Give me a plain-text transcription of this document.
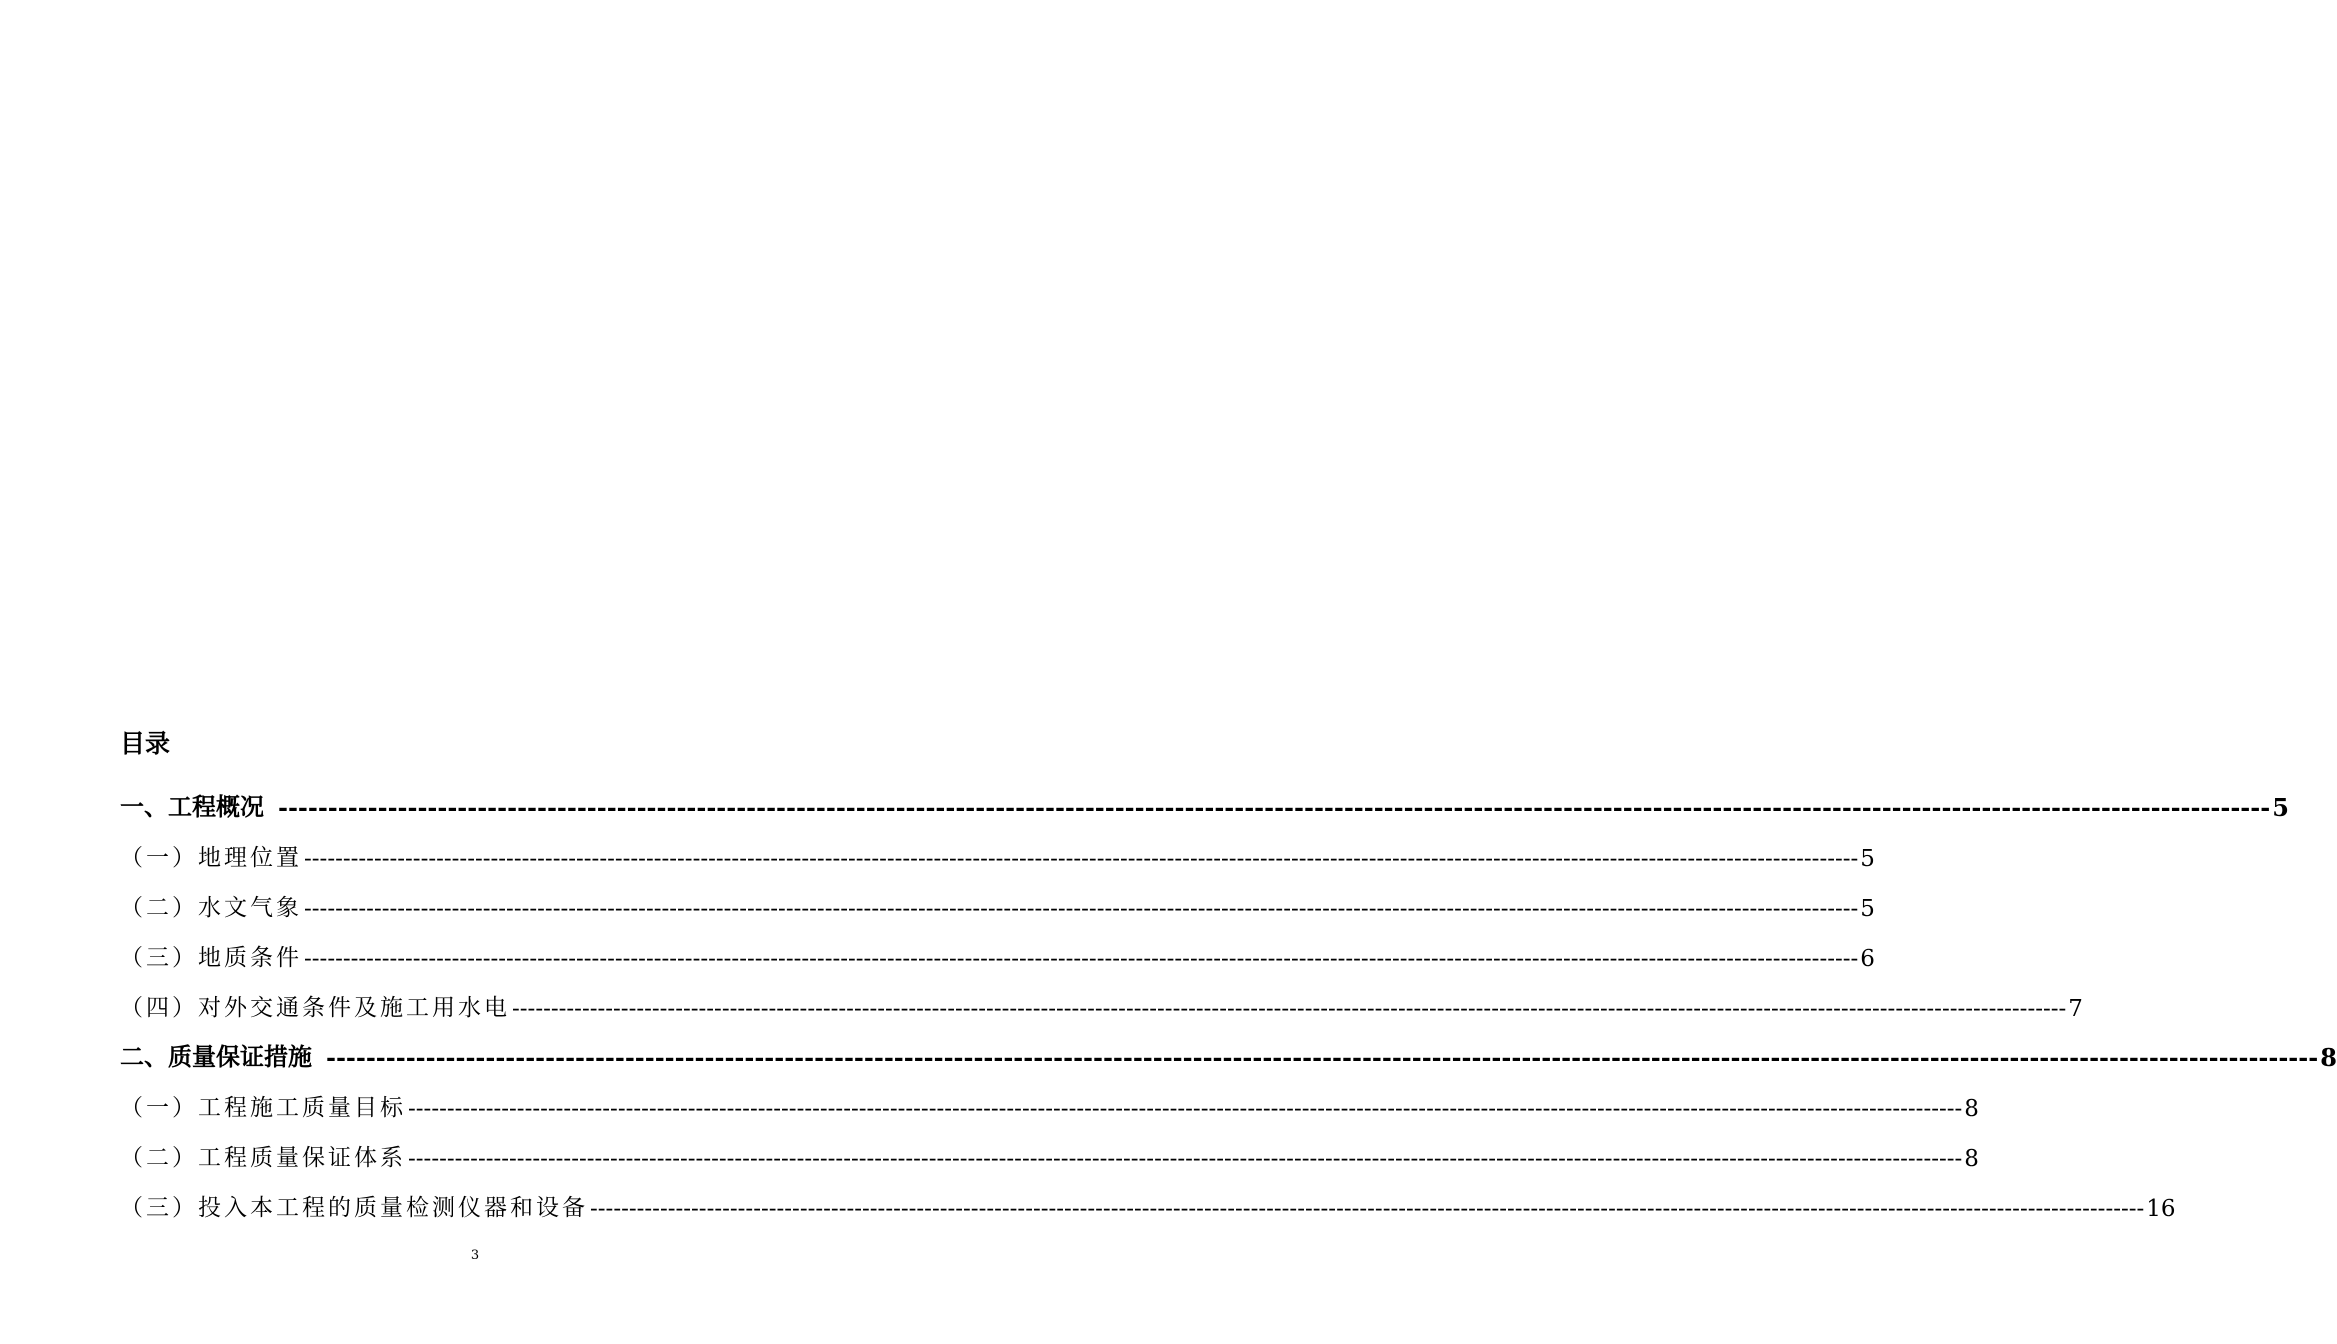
目录
一、工程概况 -------------------------------------------------------------------------------------------------------------------------------------------------------------------------------------------------------- 5
（一）地理位置 -------------------------------------------------------------------------------------------------------------------------------------------------------------------------------------------------------- 5
（二）水文气象 -------------------------------------------------------------------------------------------------------------------------------------------------------------------------------------------------------- 5
（三）地质条件 -------------------------------------------------------------------------------------------------------------------------------------------------------------------------------------------------------- 6
（四）对外交通条件及施工用水电 -------------------------------------------------------------------------------------------------------------------------------------------------------------------------------------------------------- 7
二、质量保证措施 -------------------------------------------------------------------------------------------------------------------------------------------------------------------------------------------------------- 8
（一）工程施工质量目标 -------------------------------------------------------------------------------------------------------------------------------------------------------------------------------------------------------- 8
（二）工程质量保证体系 -------------------------------------------------------------------------------------------------------------------------------------------------------------------------------------------------------- 8
（三）投入本工程的质量检测仪器和设备 -------------------------------------------------------------------------------------------------------------------------------------------------------------------------------------------------------- 16
3
